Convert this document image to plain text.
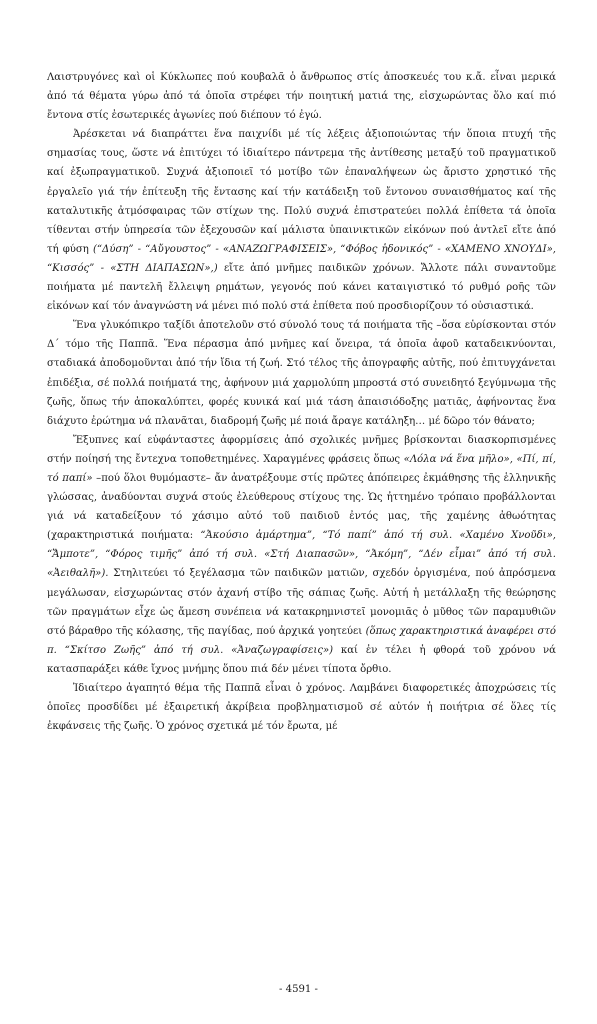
Λαιστρυγόνες καὶ οἱ Κύκλωπες πού κουβαλᾶ ὁ ἄνθρωπος στίς ἀποσκευές του κ.ἄ. εἶναι μερικά ἀπό τά θέματα γύρω ἀπό τά ὁποῖα στρέφει τήν ποιητική ματιά της, εἰσχωρώντας ὅλο καί πιό ἔντονα στίς ἐσωτερικές ἀγωνίες πού διέπουν τό ἐγώ.

Ἀρέσκεται νά διαπράττει ἕνα παιχνίδι μέ τίς λέξεις ἀξιοποιώντας τήν ὅποια πτυχή τῆς σημασίας τους, ὥστε νά ἐπιτύχει τό ἰδιαίτερο πάντρεμα τῆς ἀντίθεσης μεταξύ τοῦ πραγματικοῦ καί ἐξωπραγματικοῦ. Συχνά ἀξιοποιεῖ τό μοτίβο τῶν ἐπαναλήψεων ὡς ἄριστο χρηστικό τῆς ἐργαλεῖο γιά τήν ἐπίτευξη τῆς ἔντασης καί τήν κατάδειξη τοῦ ἔντονου συναισθήματος καί τῆς καταλυτικῆς ἀτμόσφαιρας τῶν στίχων της. Πολύ συχνά ἐπιστρατεύει πολλά ἐπίθετα τά ὁποῖα τίθενται στήν ὑπηρεσία τῶν ἐξεχουσῶν καί μάλιστα ὑπαινικτικῶν εἰκόνων πού ἀντλεῖ εἴτε ἀπό τή φύση (“Δύση” - “Αὔγουστος” - «ΑΝΑΖΩΓΡΑΦΙΣΕΙΣ», “Φόβος ἡδονικός” - «ΧΑΜΕΝΟ ΧΝΟΥΔΙ», “Κισσός” - «ΣΤΗ ΔΙΑΠΑΣΩΝ»,) εἴτε ἀπό μνῆμες παιδικῶν χρόνων. Ἄλλοτε πάλι συναντοῦμε ποιήματα μέ παντελῆ ἔλλειψη ρημάτων, γεγονός πού κάνει καταιγιστικό τό ρυθμό ροῆς τῶν εἰκόνων καί τόν ἀναγνώστη νά μένει πιό πολύ στά ἐπίθετα πού προσδιορίζουν τό οὐσιαστικά.

Ἕνα γλυκόπικρο ταξίδι ἀποτελοῦν στό σύνολό τους τά ποιήματα τῆς –ὅσα εὑρίσκονται στόν Δ΄ τόμο τῆς Παππᾶ. Ἕνα πέρασμα ἀπό μνῆμες καί ὄνειρα, τά ὁποῖα ἀφοῦ καταδεικνύονται, σταδιακά ἀποδομοῦνται ἀπό τήν ἴδια τή ζωή. Στό τέλος τῆς ἀπογραφῆς αὐτῆς, πού ἐπιτυγχάνεται ἐπιδέξια, σέ πολλά ποιήματά της, ἀφήνουν μιά χαρμολύπη μπροστά στό συνειδητό ξεγύμνωμα τῆς ζωῆς, ὅπως τήν ἀποκαλύπτει, φορές κυνικά καί μιά τάση ἀπαισιόδοξης ματιᾶς, ἀφήνοντας ἕνα διάχυτο ἐρώτημα νά πλανᾶται, διαδρομή ζωῆς μέ ποιά ἄραγε κατάληξη… μέ δῶρο τόν θάνατο;

Ἔξυπνες καί εὐφάνταστες ἀφορμίσεις ἀπό σχολικές μνῆμες βρίσκονται διασκορπισμένες στήν ποίησή της ἔντεχνα τοποθετημένες. Χαραγμένες φράσεις ὅπως «Λόλα νά ἕνα μῆλο», «Πί, πί, τό παπί» –πού ὅλοι θυμόμαστε– ἄν ἀνατρέξουμε στίς πρῶτες ἀπόπειρες ἐκμάθησης τῆς ἑλληνικῆς γλώσσας, ἀναδύονται συχνά στούς ἐλεύθερους στίχους της. Ὡς ἠττημένο τρόπαιο προβάλλονται γιά νά καταδείξουν τό χάσιμο αὐτό τοῦ παιδιοῦ ἐντός μας, τῆς χαμένης ἀθωότητας (χαρακτηριστικά ποιήματα: “Ἀκούσιο ἁμάρτημα”, “Τό παπί” ἀπό τή συλ. «Χαμένο Χνοῦδι», “Ἄμποτε”, “Φόρος τιμῆς” ἀπό τή συλ. «Στή Διαπασῶν», “Ἀκόμη”, “Δέν εἶμαι” ἀπό τή συλ. «Ἀειθαλῆ»). Στηλιτεύει τό ξεγέλασμα τῶν παιδικῶν ματιῶν, σχεδόν ὀργισμένα, πού ἀπρόσμενα μεγάλωσαν, εἰσχωρώντας στόν ἀχανή στίβο τῆς σάπιας ζωῆς. Αὐτή ἡ μετάλλαξη τῆς θεώρησης τῶν πραγμάτων εἶχε ὡς ἄμεση συνέπεια νά κατακρημνιστεῖ μονομιᾶς ὁ μῦθος τῶν παραμυθιῶν στό βάραθρο τῆς κόλασης, τῆς παγίδας, πού ἀρχικά γοητεύει (ὅπως χαρακτηριστικά ἀναφέρει στό π. “Σκίτσο Ζωῆς” ἀπό τή συλ. «Ἀναζωγραφίσεις») καί ἐν τέλει ἡ φθορά τοῦ χρόνου νά κατασπαράξει κάθε ἴχνος μνήμης ὅπου πιά δέν μένει τίποτα ὄρθιο.

Ἰδιαίτερο ἀγαπητό θέμα τῆς Παππᾶ εἶναι ὁ χρόνος. Λαμβάνει διαφορετικές ἀποχρώσεις τίς ὁποῖες προσδίδει μέ ἐξαιρετική ἀκρίβεια προβληματισμοῦ σέ αὐτόν ἡ ποιήτρια σέ ὅλες τίς ἐκφάνσεις τῆς ζωῆς. Ὁ χρόνος σχετικά μέ τόν ἔρωτα, μέ

- 4591 -
